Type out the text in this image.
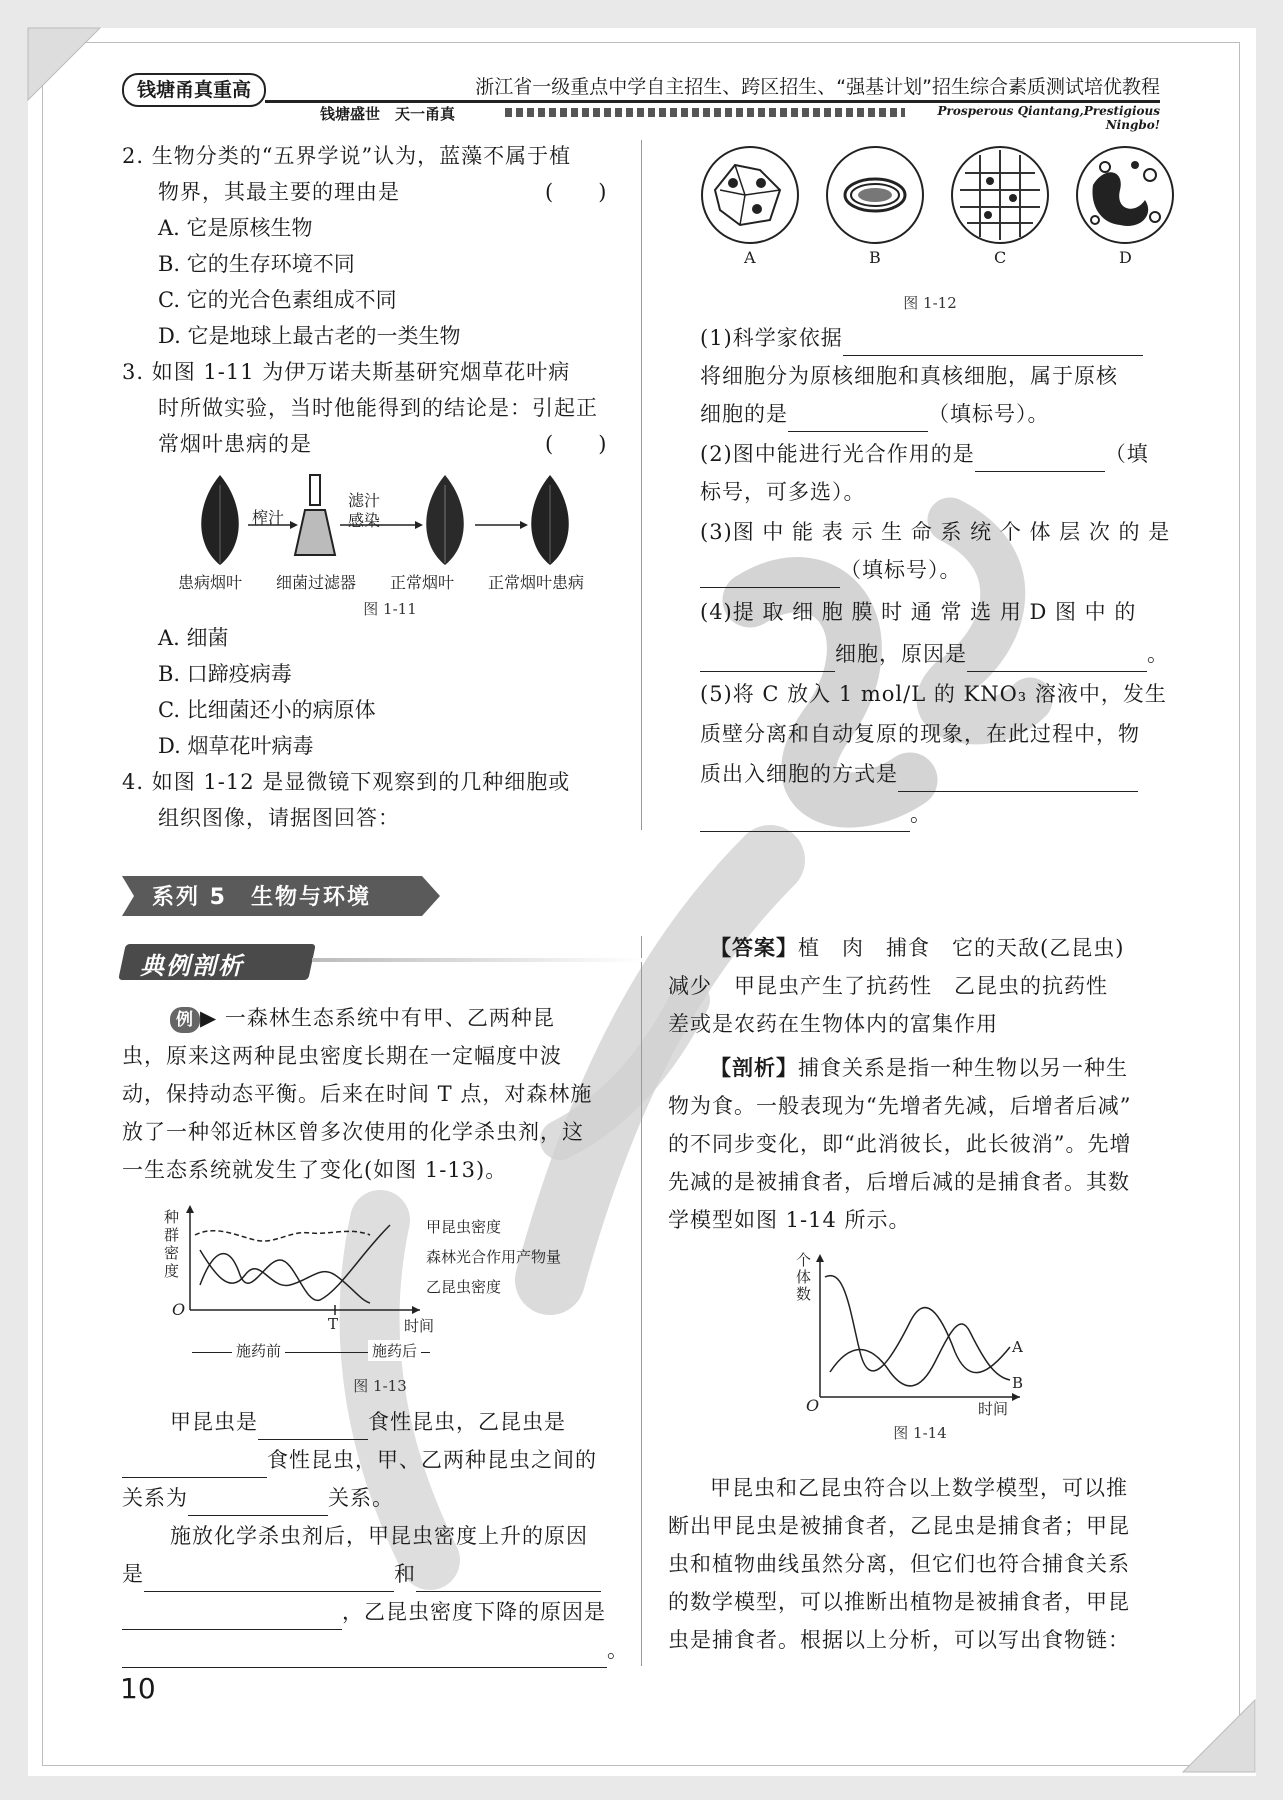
钱塘甬真重高	浙江省一级重点中学自主招生、跨区招生、“强基计划”招生综合素质测试培优教程
钱塘盛世　天一甬真	Prosperous Qiantang,Prestigious Ningbo!
2. 生物分类的“五界学说”认为，蓝藻不属于植
物界，其最主要的理由是	(　　)
A. 它是原核生物
B. 它的生存环境不同
C. 它的光合色素组成不同
D. 它是地球上最古老的一类生物
3. 如图 1-11 为伊万诺夫斯基研究烟草花叶病
时所做实验，当时他能得到的结论是：引起正
常烟叶患病的是	(　　)
榨汁
滤汁
感染
患病烟叶 细菌过滤器 正常烟叶 正常烟叶患病
图 1-11
A. 细菌
B. 口蹄疫病毒
C. 比细菌还小的病原体
D. 烟草花叶病毒
4. 如图 1-12 是显微镜下观察到的几种细胞或
组织图像，请据图回答：
A	B	C	D
图 1-12
(1)科学家依据
将细胞分为原核细胞和真核细胞，属于原核
细胞的是	（填标号）。
(2)图中能进行光合作用的是	（填
标号，可多选）。
(3)图 中 能 表 示 生 命 系 统 个 体 层 次 的 是
（填标号）。
(4)提 取 细 胞 膜 时 通 常 选 用 D 图 中 的
细胞，原因是	。
(5)将 C 放入 1 mol/L 的 KNO₃ 溶液中，发生
质壁分离和自动复原的现象，在此过程中，物
质出入细胞的方式是
。
系列 5　生物与环境
典例剖析
例 ▶ 一森林生态系统中有甲、乙两种昆
虫，原来这两种昆虫密度长期在一定幅度中波
动，保持动态平衡。后来在时间 T 点，对森林施
放了一种邻近林区曾多次使用的化学杀虫剂，这
一生态系统就发生了变化(如图 1-13)。
种
群
密
度
O
T	时间
施药前	施药后
甲昆虫密度
森林光合作用产物量
乙昆虫密度
图 1-13
甲昆虫是	食性昆虫，乙昆虫是
食性昆虫，甲、乙两种昆虫之间的
关系为	关系。
施放化学杀虫剂后，甲昆虫密度上升的原因
是	和
，乙昆虫密度下降的原因是
。
【答案】植　肉　捕食　它的天敌(乙昆虫)
减少　甲昆虫产生了抗药性　乙昆虫的抗药性
差或是农药在生物体内的富集作用
【剖析】捕食关系是指一种生物以另一种生
物为食。一般表现为“先增者先减，后增者后减”
的不同步变化，即“此消彼长，此长彼消”。先增
先减的是被捕食者，后增后减的是捕食者。其数
学模型如图 1-14 所示。
个
体
数
O	时间
A
B
图 1-14
甲昆虫和乙昆虫符合以上数学模型，可以推
断出甲昆虫是被捕食者，乙昆虫是捕食者；甲昆
虫和植物曲线虽然分离，但它们也符合捕食关系
的数学模型，可以推断出植物是被捕食者，甲昆
虫是捕食者。根据以上分析，可以写出食物链：
10
